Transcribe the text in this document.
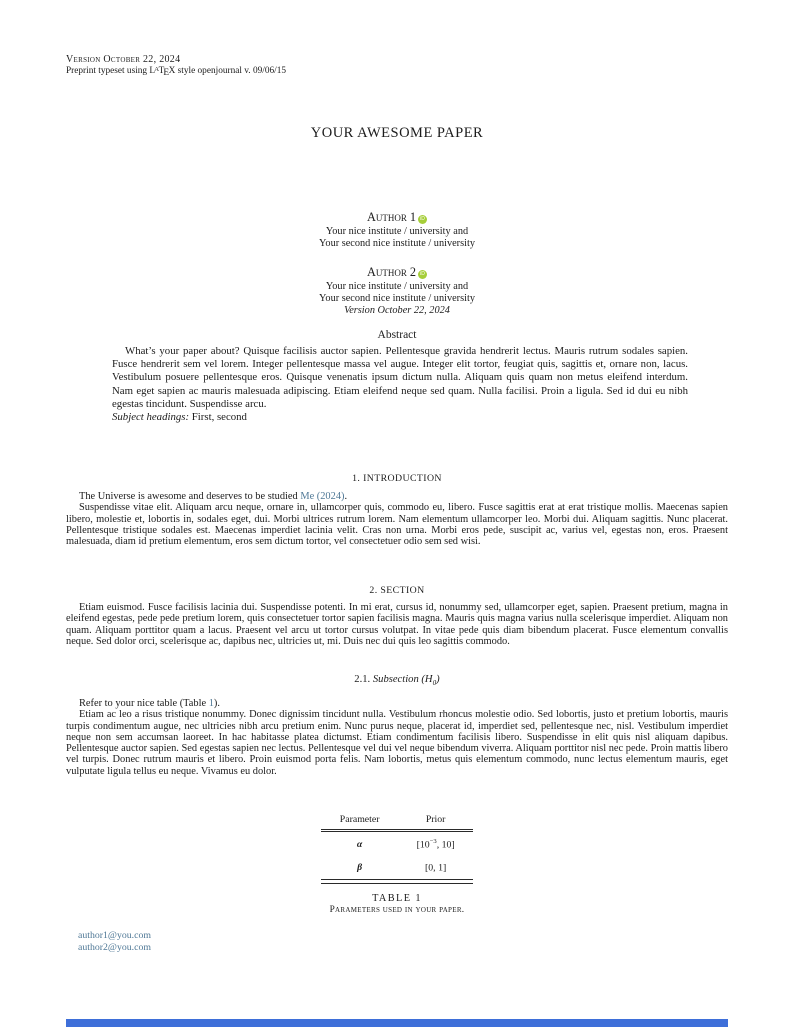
Version October 22, 2024
Preprint typeset using $L^ATEX$ style openjournal v. 09/06/15
YOUR AWESOME PAPER
Author 1 iD
Your nice institute / university and
Your second nice institute / university
Author 2 iD
Your nice institute / university and
Your second nice institute / university
Version October 22, 2024
Abstract

What’s your paper about? Quisque facilisis auctor sapien. Pellentesque gravida hendrerit lectus. Mauris rutrum sodales sapien. Fusce hendrerit sem vel lorem. Integer pellentesque massa vel augue. Integer elit tortor, feugiat quis, sagittis et, ornare non, lacus. Vestibulum posuere pellentesque eros. Quisque venenatis ipsum dictum nulla. Aliquam quis quam non metus eleifend interdum. Nam eget sapien ac mauris malesuada adipiscing. Etiam eleifend neque sed quam. Nulla facilisi. Proin a ligula. Sed id dui eu nibh egestas tincidunt. Suspendisse arcu.

Subject headings: First, second

1. INTRODUCTION

The Universe is awesome and deserves to be studied Me (2024).

Suspendisse vitae elit. Aliquam arcu neque, ornare in, ullamcorper quis, commodo eu, libero. Fusce sagittis erat at erat tristique mollis. Maecenas sapien libero, molestie et, lobortis in, sodales eget, dui. Morbi ultrices rutrum lorem. Nam elementum ullamcorper leo. Morbi dui. Aliquam sagittis. Nunc placerat. Pellentesque tristique sodales est. Maecenas imperdiet lacinia velit. Cras non urna. Morbi eros pede, suscipit ac, varius vel, egestas non, eros. Praesent malesuada, diam id pretium elementum, eros sem dictum tortor, vel consectetuer odio sem sed wisi.

2. SECTION

Etiam euismod. Fusce facilisis lacinia dui. Suspendisse potenti. In mi erat, cursus id, nonummy sed, ullamcorper eget, sapien. Praesent pretium, magna in eleifend egestas, pede pede pretium lorem, quis consectetuer tortor sapien facilisis magna. Mauris quis magna varius nulla scelerisque imperdiet. Aliquam non quam. Aliquam porttitor quam a lacus. Praesent vel arcu ut tortor cursus volutpat. In vitae pede quis diam bibendum placerat. Fusce elementum convallis neque. Sed dolor orci, scelerisque ac, dapibus nec, ultricies ut, mi. Duis nec dui quis leo sagittis commodo.

2.1. Subsection $(H_0)$

Refer to your nice table (Table 1).

Etiam ac leo a risus tristique nonummy. Donec dignissim tincidunt nulla. Vestibulum rhoncus molestie odio. Sed lobortis, justo et pretium lobortis, mauris turpis condimentum augue, nec ultricies nibh arcu pretium enim. Nunc purus neque, placerat id, imperdiet sed, pellentesque nec, nisl. Vestibulum imperdiet neque non sem accumsan laoreet. In hac habitasse platea dictumst. Etiam condimentum facilisis libero. Suspendisse in elit quis nisl aliquam dapibus. Pellentesque auctor sapien. Sed egestas sapien nec lectus. Pellentesque vel dui vel neque bibendum viverra. Aliquam porttitor nisl nec pede. Proin mattis libero vel turpis. Donec rutrum mauris et libero. Proin euismod porta felis. Nam lobortis, metus quis elementum commodo, nunc lectus elementum mauris, eget vulputate ligula tellus eu neque. Vivamus eu dolor.

Parameter	Prior
α	[$10^{-3}$, 10]
β	[0, 1]
TABLE 1
Parameters used in your paper.
author1@you.com
author2@you.com
